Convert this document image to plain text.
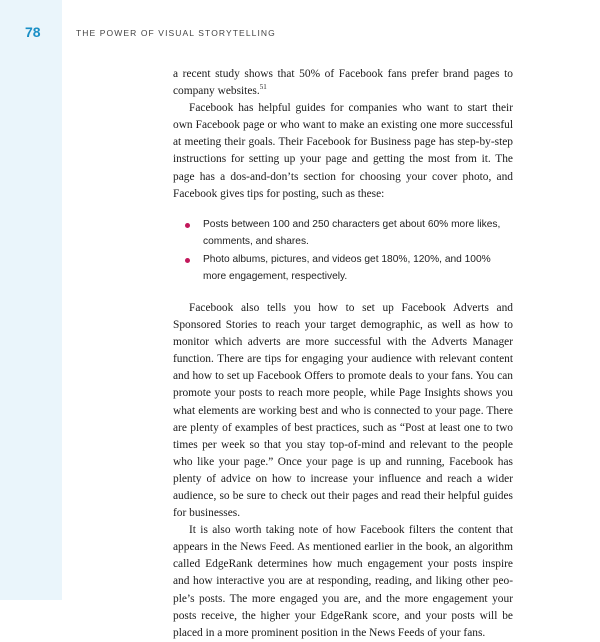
78	THE POWER OF VISUAL STORYTELLING

a recent study shows that 50% of Facebook fans prefer brand pages to company websites.$^{51}$

Facebook has helpful guides for companies who want to start their own Facebook page or who want to make an existing one more successful at meeting their goals. Their Facebook for Business page has step-by-step instructions for setting up your page and getting the most from it. The page has a dos-and-don’ts section for choosing your cover photo, and Facebook gives tips for posting, such as these:

Posts between 100 and 250 characters get about 60% more likes, comments, and shares.
Photo albums, pictures, and videos get 180%, 120%, and 100% more engagement, respectively.

Facebook also tells you how to set up Facebook Adverts and Sponsored Stories to reach your target demographic, as well as how to monitor which adverts are more successful with the Adverts Manager function. There are tips for engaging your audience with relevant content and how to set up Facebook Offers to promote deals to your fans. You can promote your posts to reach more people, while Page Insights shows you what elements are working best and who is connected to your page. There are plenty of examples of best practices, such as “Post at least one to two times per week so that you stay top-of-mind and relevant to the people who like your page.” Once your page is up and running, Facebook has plenty of advice on how to increase your influence and reach a wider audience, so be sure to check out their pages and read their helpful guides for businesses.

It is also worth taking note of how Facebook filters the content that appears in the News Feed. As mentioned earlier in the book, an algorithm called EdgeRank determines how much engagement your posts inspire and how interactive you are at responding, reading, and liking other peo-ple’s posts. The more engaged you are, and the more engagement your posts receive, the higher your EdgeRank score, and your posts will be placed in a more prominent position in the News Feeds of your fans.
